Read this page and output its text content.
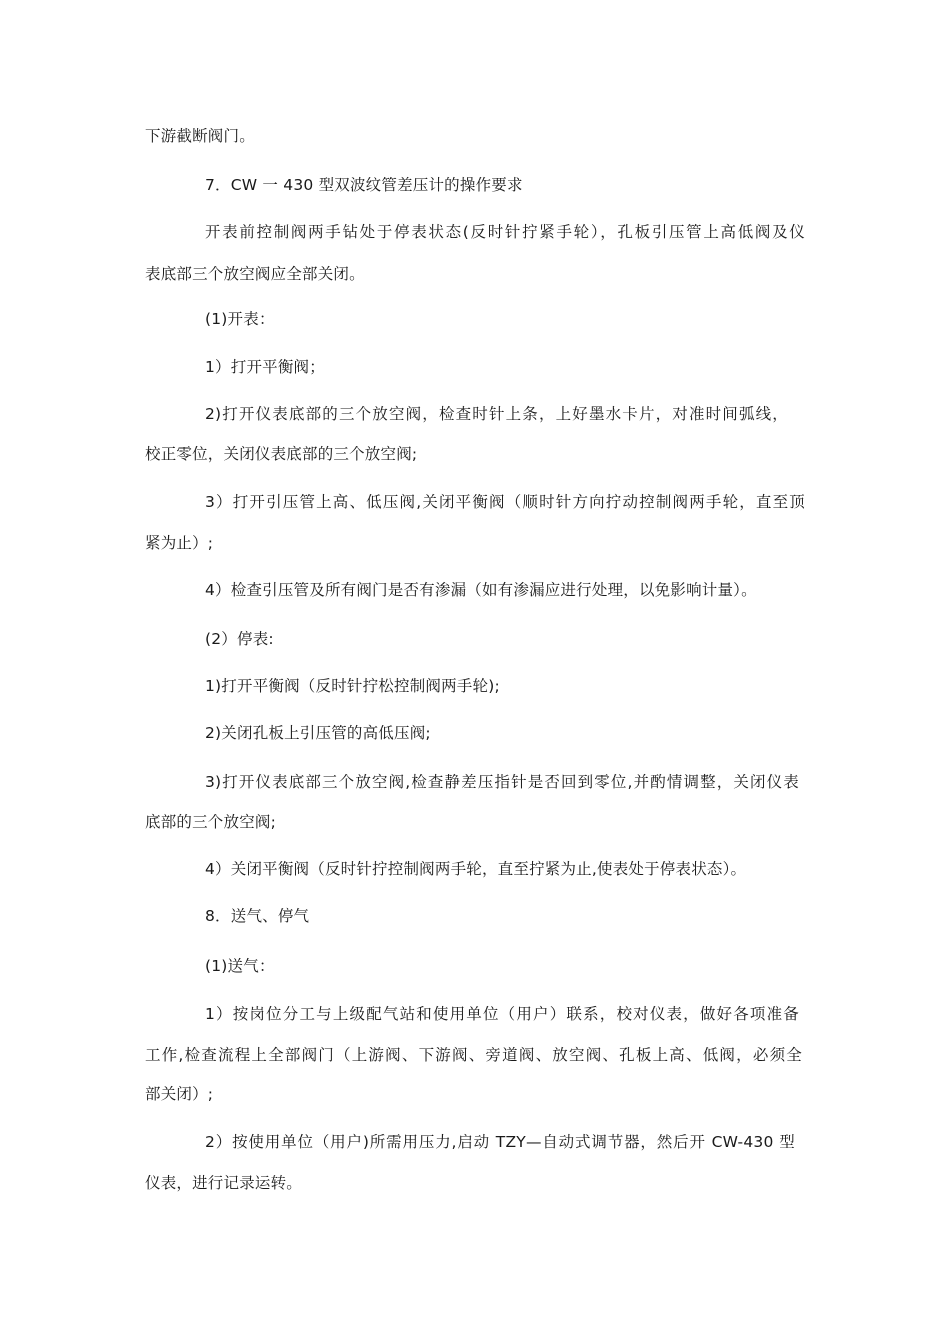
下游截断阀门。
7．CW 一 430 型双波纹管差压计的操作要求
开表前控制阀两手钻处于停表状态(反时针拧紧手轮），孔板引压管上高低阀及仪
表底部三个放空阀应全部关闭。
(1)开表：
1）打开平衡阀；
2)打开仪表底部的三个放空阀，检查时针上条，上好墨水卡片，对准时间弧线，
校正零位，关闭仪表底部的三个放空阀;
3）打开引压管上高、低压阀,关闭平衡阀（顺时针方向拧动控制阀两手轮，直至顶
紧为止）;
4）检查引压管及所有阀门是否有渗漏（如有渗漏应进行处理，以免影响计量）。
(2）停表:
1)打开平衡阀（反时针拧松控制阀两手轮);
2)关闭孔板上引压管的高低压阀;
3)打开仪表底部三个放空阀,检查静差压指针是否回到零位,并酌情调整，关闭仪表
底部的三个放空阀;
4）关闭平衡阀（反时针拧控制阀两手轮，直至拧紧为止,使表处于停表状态）。
8．送气、停气
(1)送气：
1）按岗位分工与上级配气站和使用单位（用户）联系，校对仪表，做好各项准备
工作,检查流程上全部阀门（上游阀、下游阀、旁道阀、放空阀、孔板上高、低阀，必须全
部关闭）;
2）按使用单位（用户)所需用压力,启动 TZY—自动式调节器，然后开 CW-430 型
仪表，进行记录运转。
